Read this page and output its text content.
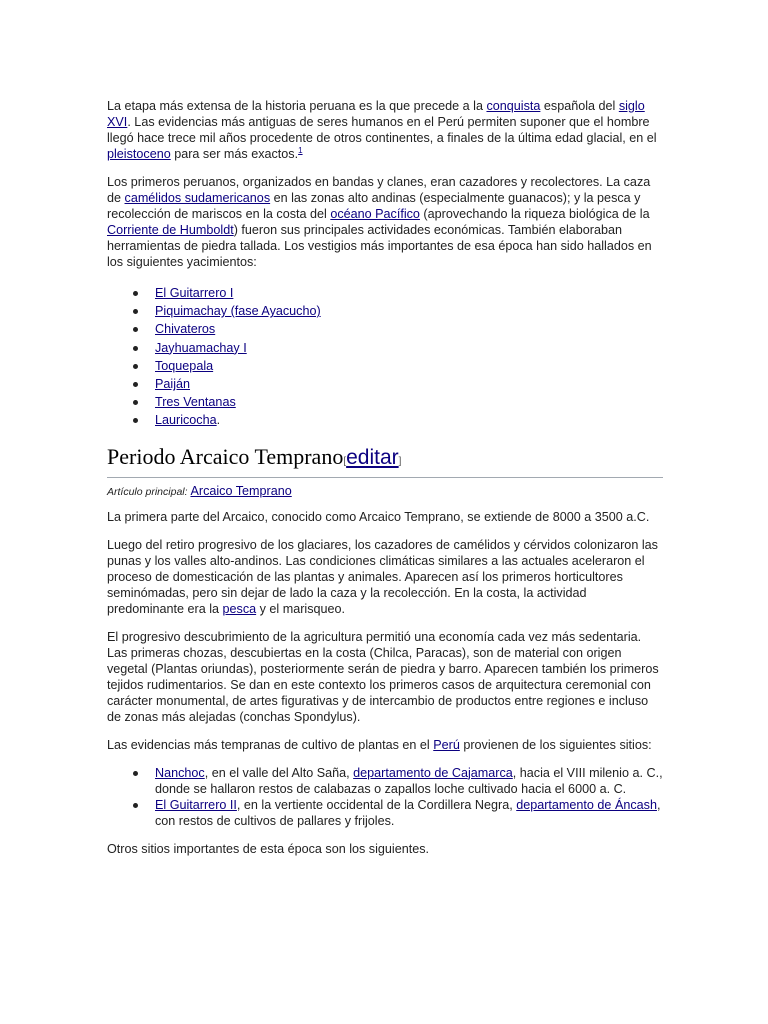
La etapa más extensa de la historia peruana es la que precede a la conquista española del siglo XVI. Las evidencias más antiguas de seres humanos en el Perú permiten suponer que el hombre llegó hace trece mil años procedente de otros continentes, a finales de la última edad glacial, en el pleistoceno para ser más exactos.$^1$

Los primeros peruanos, organizados en bandas y clanes, eran cazadores y recolectores. La caza de camélidos sudamericanos en las zonas alto andinas (especialmente guanacos); y la pesca y recolección de mariscos en la costa del océano Pacífico (aprovechando la riqueza biológica de la Corriente de Humboldt) fueron sus principales actividades económicas. También elaboraban herramientas de piedra tallada. Los vestigios más importantes de esa época han sido hallados en los siguientes yacimientos:

El Guitarrero I
Piquimachay (fase Ayacucho)
Chivateros
Jayhuamachay I
Toquepala
Paiján
Tres Ventanas
Lauricocha.
Periodo Arcaico Temprano[editar]
Artículo principal: Arcaico Temprano

La primera parte del Arcaico, conocido como Arcaico Temprano, se extiende de 8000 a 3500 a.C.

Luego del retiro progresivo de los glaciares, los cazadores de camélidos y cérvidos colonizaron las punas y los valles alto-andinos. Las condiciones climáticas similares a las actuales aceleraron el proceso de domesticación de las plantas y animales. Aparecen así los primeros horticultores seminómadas, pero sin dejar de lado la caza y la recolección. En la costa, la actividad predominante era la pesca y el marisqueo.

El progresivo descubrimiento de la agricultura permitió una economía cada vez más sedentaria. Las primeras chozas, descubiertas en la costa (Chilca, Paracas), son de material con origen vegetal (Plantas oriundas), posteriormente serán de piedra y barro. Aparecen también los primeros tejidos rudimentarios. Se dan en este contexto los primeros casos de arquitectura ceremonial con carácter monumental, de artes figurativas y de intercambio de productos entre regiones e incluso de zonas más alejadas (conchas Spondylus).

Las evidencias más tempranas de cultivo de plantas en el Perú provienen de los siguientes sitios:

Nanchoc, en el valle del Alto Saña, departamento de Cajamarca, hacia el VIII milenio a. C., donde se hallaron restos de calabazas o zapallos loche cultivado hacia el 6000 a. C.
El Guitarrero II, en la vertiente occidental de la Cordillera Negra, departamento de Áncash, con restos de cultivos de pallares y frijoles.

Otros sitios importantes de esta época son los siguientes.
